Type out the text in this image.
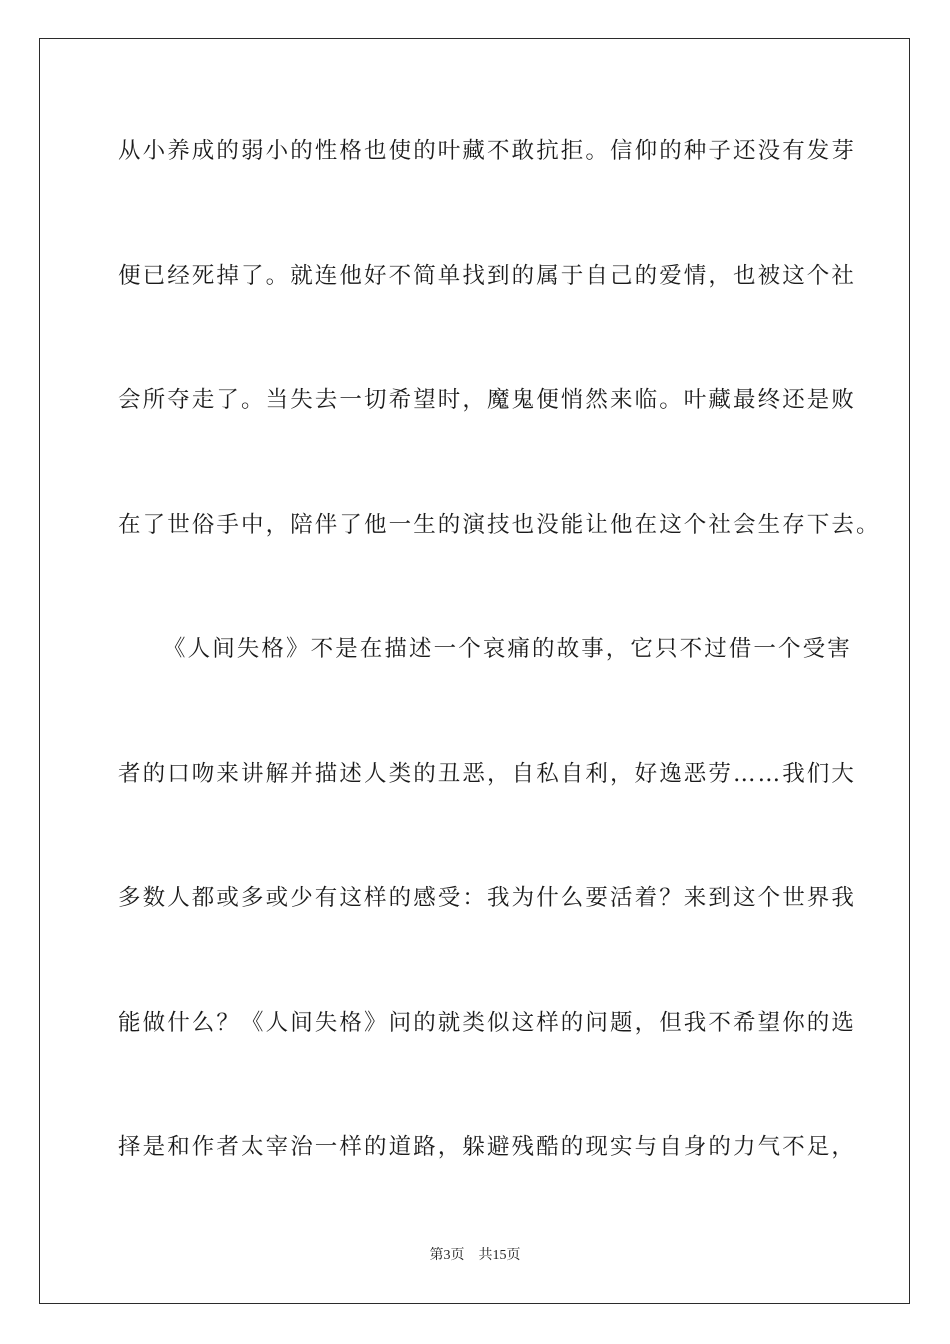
从小养成的弱小的性格也使的叶藏不敢抗拒。信仰的种子还没有发芽
便已经死掉了。就连他好不简单找到的属于自己的爱情，也被这个社
会所夺走了。当失去一切希望时，魔鬼便悄然来临。叶藏最终还是败
在了世俗手中，陪伴了他一生的演技也没能让他在这个社会生存下去。
《人间失格》不是在描述一个哀痛的故事，它只不过借一个受害
者的口吻来讲解并描述人类的丑恶，自私自利，好逸恶劳……我们大
多数人都或多或少有这样的感受：我为什么要活着？来到这个世界我
能做什么？《人间失格》问的就类似这样的问题，但我不希望你的选
择是和作者太宰治一样的道路，躲避残酷的现实与自身的力气不足，
第3页 共15页
